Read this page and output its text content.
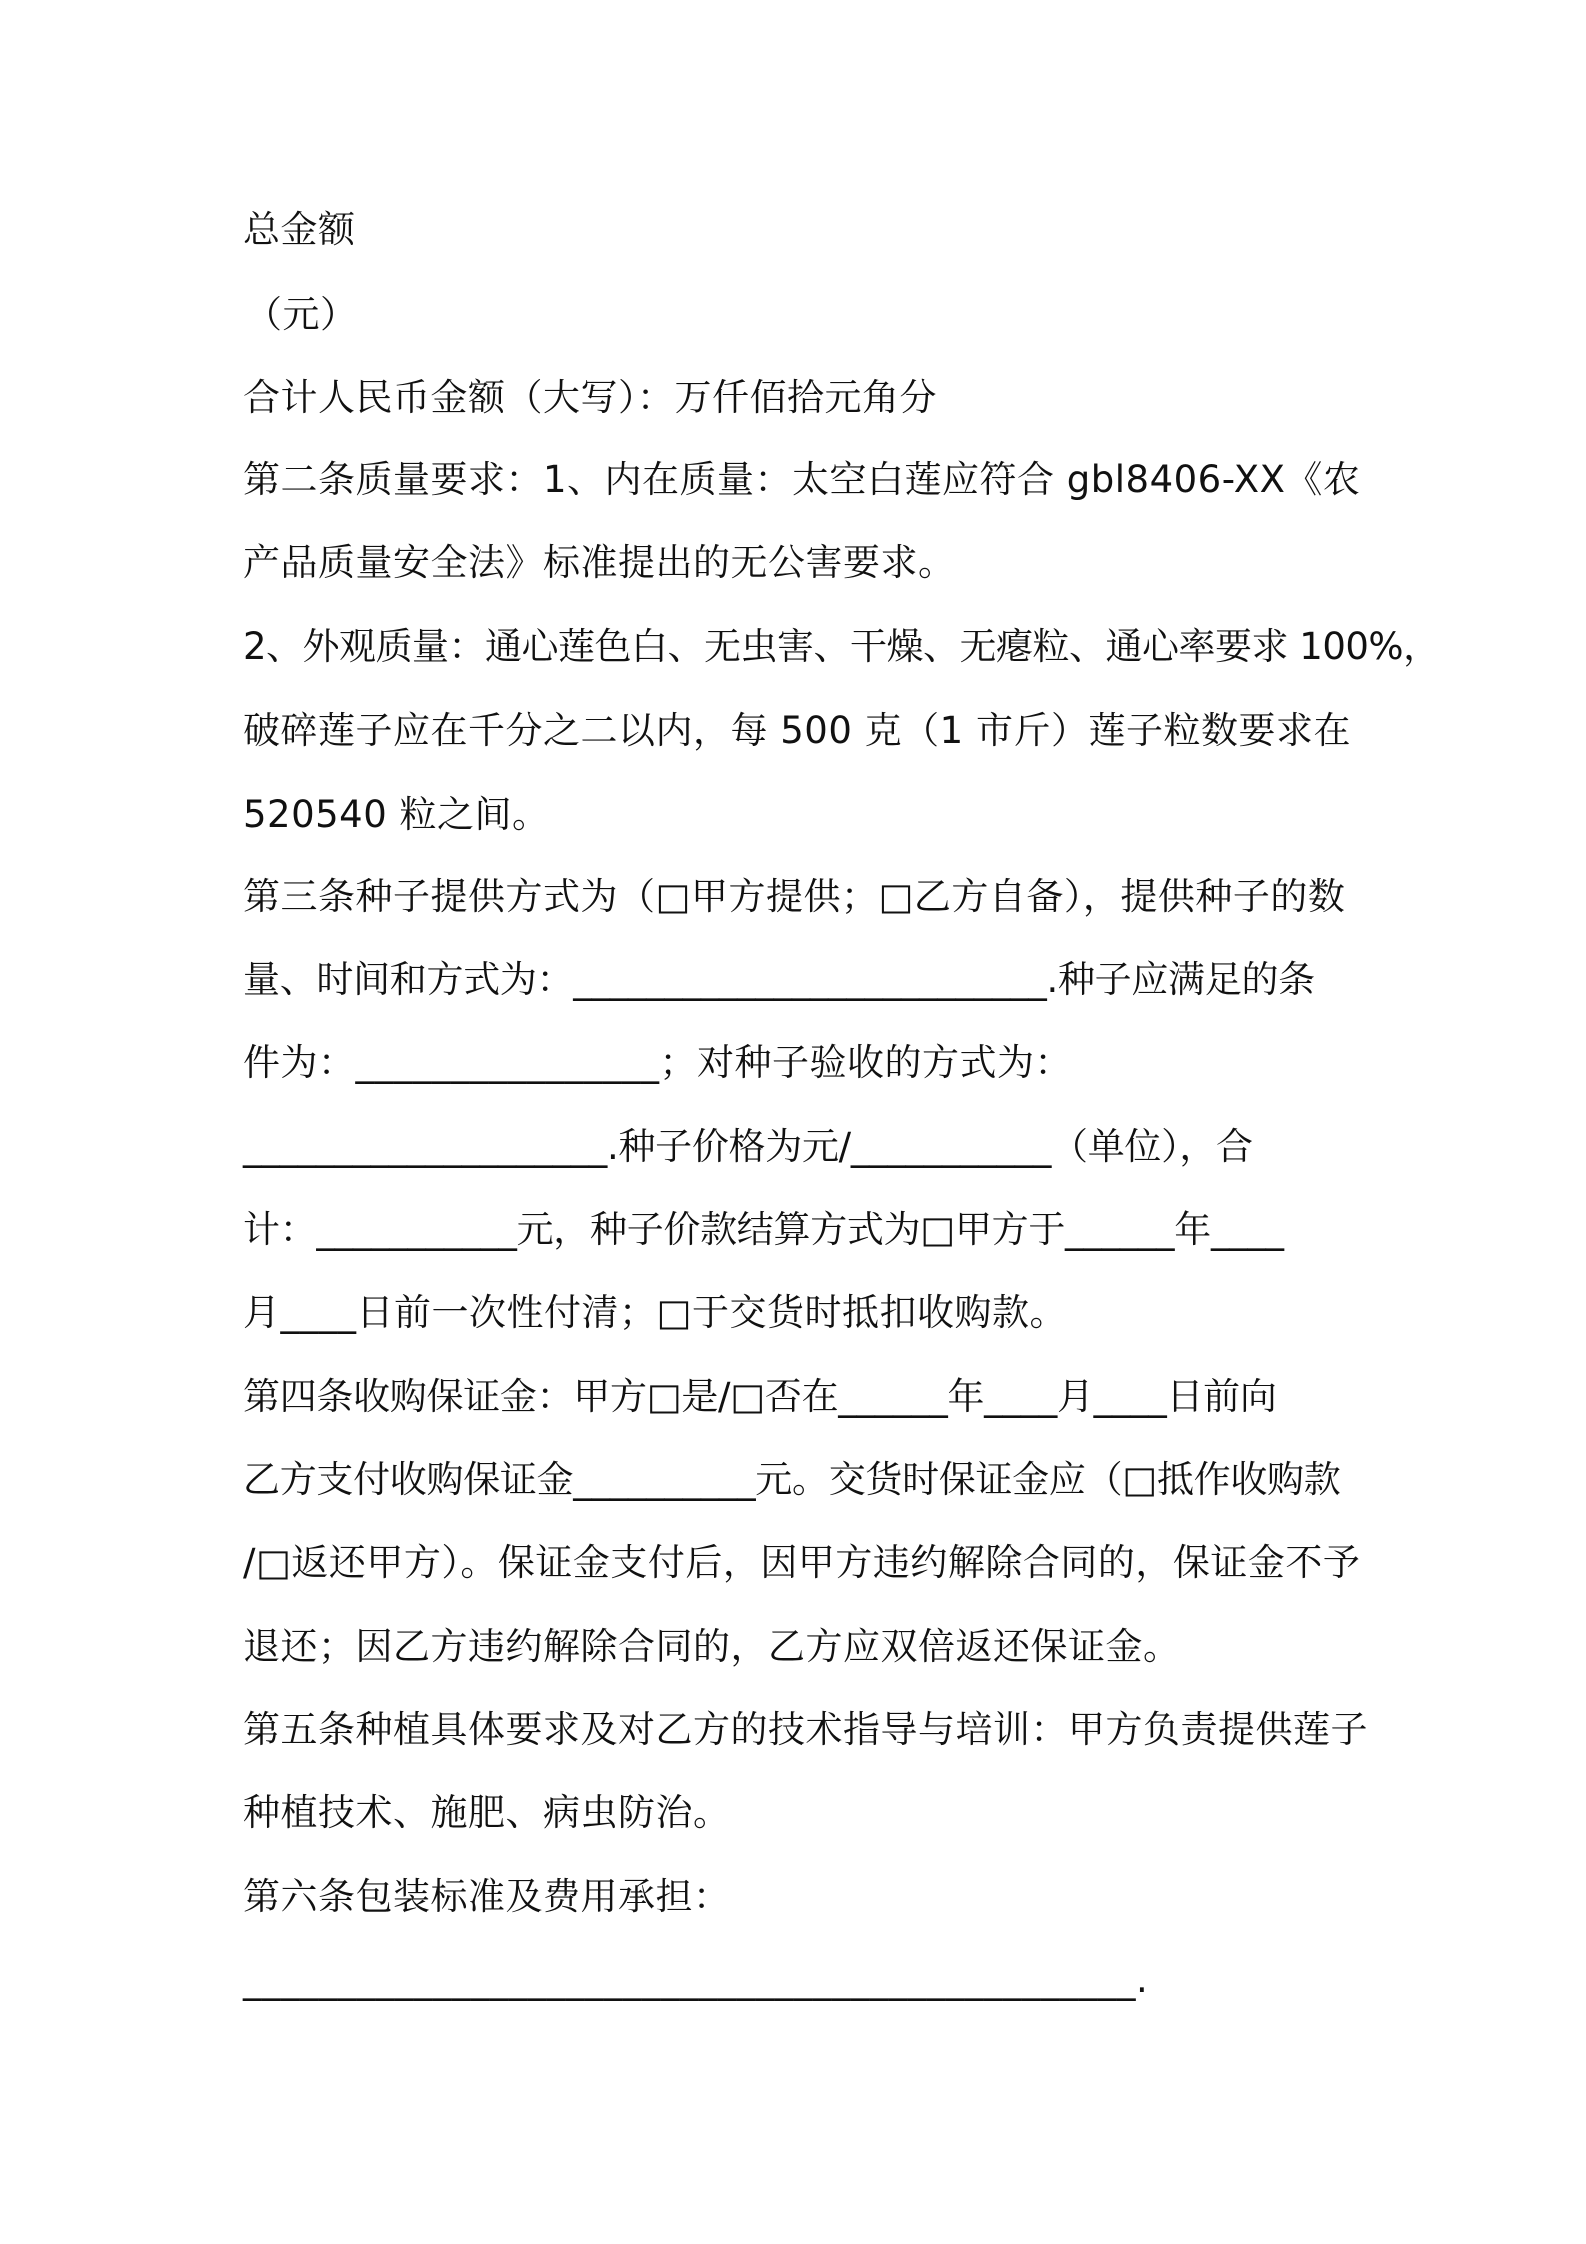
总金额
（元）
合计人民币金额（大写）：万仟佰拾元角分
第二条质量要求：1、内在质量：太空白莲应符合 gbl8406-XX《农
产品质量安全法》标准提出的无公害要求。
2、外观质量：通心莲色白、无虫害、干燥、无瘪粒、通心率要求 100%，
破碎莲子应在千分之二以内，每 500 克（1 市斤）莲子粒数要求在
520540 粒之间。
第三条种子提供方式为（□甲方提供；□乙方自备），提供种子的数
量、时间和方式为：__________________________.种子应满足的条
件为：________________；对种子验收的方式为：
____________________.种子价格为元/___________（单位），合
计：___________元，种子价款结算方式为□甲方于______年____
月____日前一次性付清；□于交货时抵扣收购款。
第四条收购保证金：甲方□是/□否在______年____月____日前向
乙方支付收购保证金__________元。交货时保证金应（□抵作收购款
/□返还甲方）。保证金支付后，因甲方违约解除合同的，保证金不予
退还；因乙方违约解除合同的，乙方应双倍返还保证金。
第五条种植具体要求及对乙方的技术指导与培训：甲方负责提供莲子
种植技术、施肥、病虫防治。
第六条包装标准及费用承担：
_______________________________________________.
